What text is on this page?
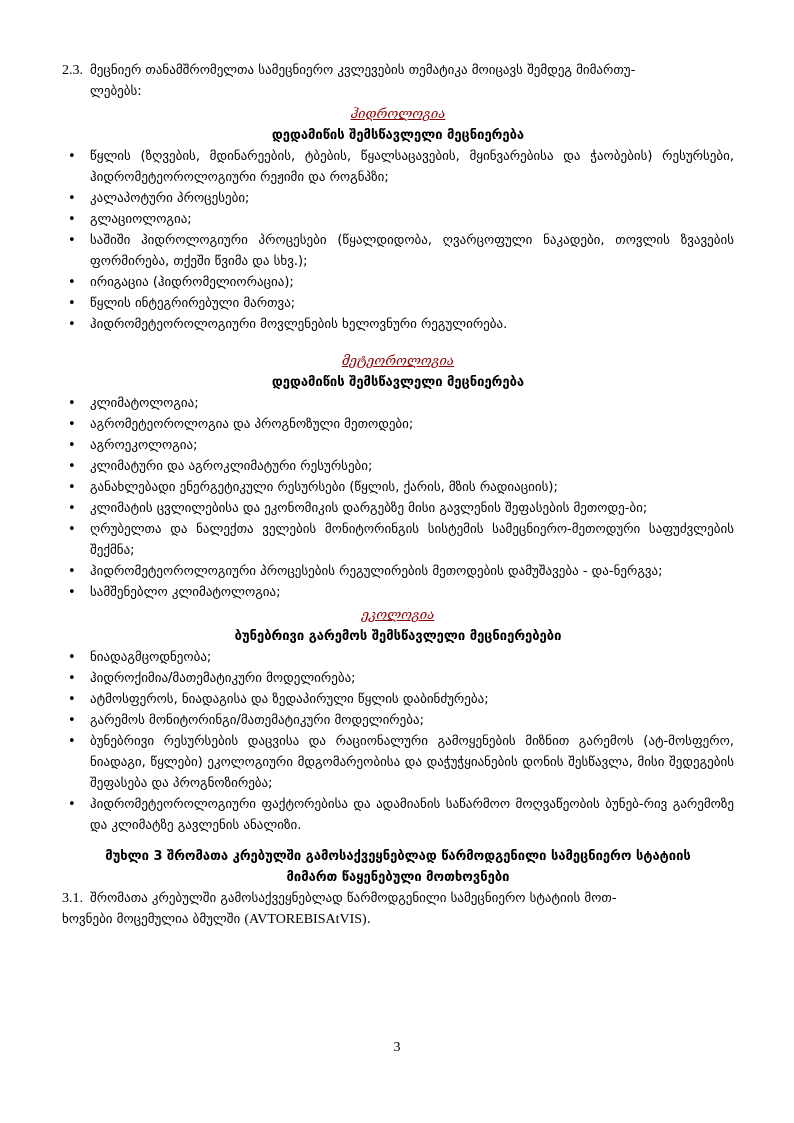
2.3. მეცნიერ თანამშრომელთა სამეცნიერო კვლევების თემატიკა მოიცავს შემდეგ მიმართუ-
ლებებს:

ჰიდროლოგია

დედამიწის შემსწავლელი მეცნიერება

• წყლის (ზღვების, მდინარეების, ტბების, წყალსაცავების, მყინვარებისა და ჭაობების) რესურსები, ჰიდრომეტეოროლოგიური რეჟიმი და როგნპზი;
• კალაპოტური პროცესები;
• გლაციოლოგია;
• საშიში ჰიდროლოგიური პროცესები (წყალდიდობა, ღვარცოფული ნაკადები, თოვლის ზვავების ფორმირება, თქეში წვიმა და სხვ.);
• ირიგაცია (ჰიდრომელიორაცია);
• წყლის ინტეგრირებული მართვა;
• ჰიდრომეტეოროლოგიური მოვლენების ხელოვნური რეგულირება.

მეტეოროლოგია

დედამიწის შემსწავლელი მეცნიერება

• კლიმატოლოგია;
• აგრომეტეოროლოგია და პროგნოზული მეთოდები;
• აგროეკოლოგია;
• კლიმატური და აგროკლიმატური რესურსები;
• განახლებადი ენერგეტიკული რესურსები (წყლის, ქარის, მზის რადიაციის);
• კლიმატის ცვლილებისა და ეკონომიკის დარგებზე მისი გავლენის შეფასების მეთოდე-ბი;
• ღრუბელთა და ნალექთა ველების მონიტორინგის სისტემის სამეცნიერო-მეთოდური საფუძვლების შექმნა;
• ჰიდრომეტეოროლოგიური პროცესების რეგულირების მეთოდების დამუშავება - და-ნერგვა;
• სამშენებლო კლიმატოლოგია;

ეკოლოგია

ბუნებრივი გარემოს შემსწავლელი მეცნიერებები

• ნიადაგმცოდნეობა;
• ჰიდროქიმია/მათემატიკური მოდელირება;
• ატმოსფეროს, ნიადაგისა და ზედაპირული წყლის დაბინძურება;
• გარემოს მონიტორინგი/მათემატიკური მოდელირება;
• ბუნებრივი რესურსების დაცვისა და რაციონალური გამოყენების მიზნით გარემოს (ატ-მოსფერო, ნიადაგი, წყლები) ეკოლოგიური მდგომარეობისა და დაჭუჭყიანების დონის შესწავლა, მისი შედეგების შეფასება და პროგნოზირება;
• ჰიდრომეტეოროლოგიური ფაქტორებისა და ადამიანის საწარმოო მოღვაწეობის ბუნებ-რივ გარემოზე და კლიმატზე გავლენის ანალიზი.
მუხლი 3 შრომათა კრებულში გამოსაქვეყნებლად წარმოდგენილი სამეცნიერო სტატიის
მიმართ წაყენებული მოთხოვნები

3.1. შრომათა კრებულში გამოსაქვეყნებლად წარმოდგენილი სამეცნიერო სტატიის მოთ-
ხოვნები მოცემულია ბმულში (AVTOREBISAtVIS).

3
